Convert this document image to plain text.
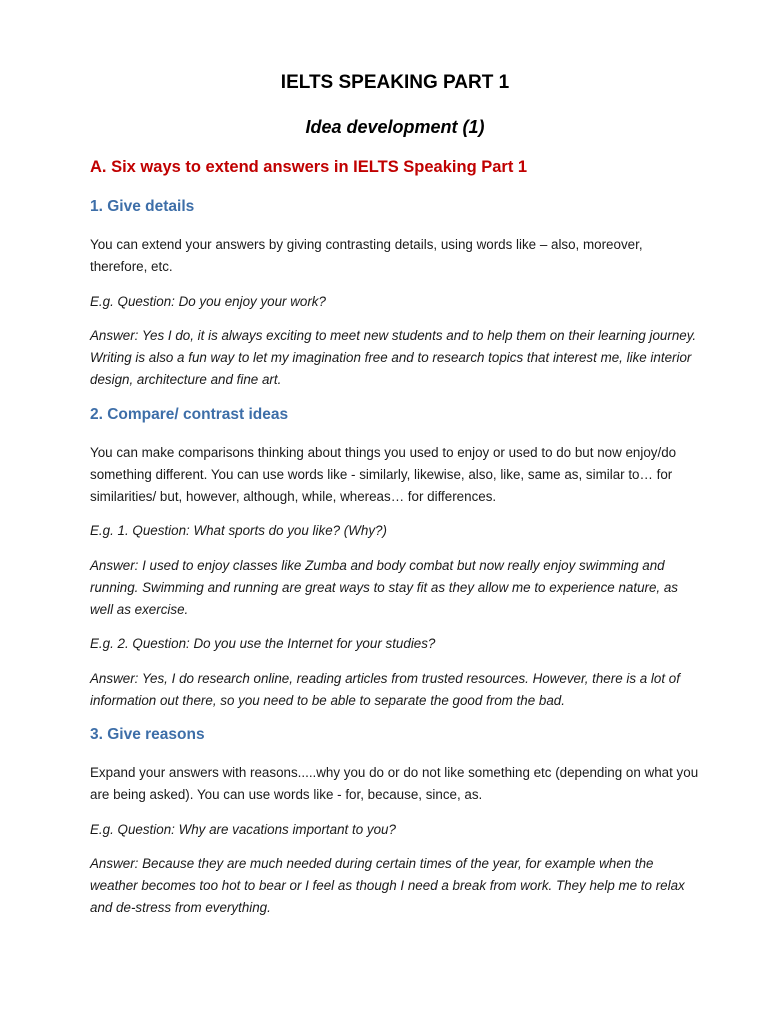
IELTS SPEAKING PART 1
Idea development (1)
A. Six ways to extend answers in IELTS Speaking Part 1
1. Give details

You can extend your answers by giving contrasting details, using words like – also, moreover, therefore, etc.

E.g. Question: Do you enjoy your work?

Answer: Yes I do, it is always exciting to meet new students and to help them on their learning journey. Writing is also a fun way to let my imagination free and to research topics that interest me, like interior design, architecture and fine art.

2. Compare/ contrast ideas

You can make comparisons thinking about things you used to enjoy or used to do but now enjoy/do something different. You can use words like - similarly, likewise, also, like, same as, similar to… for similarities/ but, however, although, while, whereas… for differences.

E.g. 1. Question: What sports do you like? (Why?)

Answer: I used to enjoy classes like Zumba and body combat but now really enjoy swimming and running. Swimming and running are great ways to stay fit as they allow me to experience nature, as well as exercise.

E.g. 2. Question: Do you use the Internet for your studies?

Answer: Yes, I do research online, reading articles from trusted resources. However, there is a lot of information out there, so you need to be able to separate the good from the bad.

3. Give reasons

Expand your answers with reasons.....why you do or do not like something etc (depending on what you are being asked). You can use words like - for, because, since, as.

E.g. Question: Why are vacations important to you?

Answer: Because they are much needed during certain times of the year, for example when the weather becomes too hot to bear or I feel as though I need a break from work. They help me to relax and de-stress from everything.
